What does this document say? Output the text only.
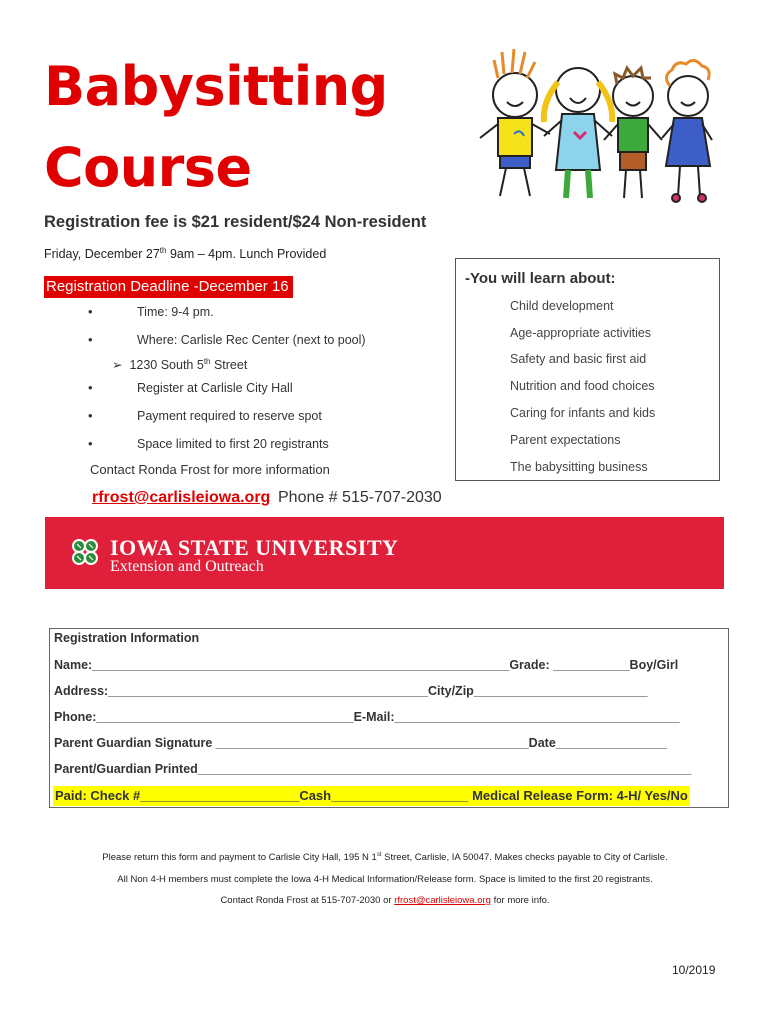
Babysitting
Course
Registration fee is $21 resident/$24 Non-resident
Friday, December 27th 9am – 4pm. Lunch Provided
Registration Deadline -December 16
•	Time: 9-4 pm.
•	Where: Carlisle Rec Center (next to pool)
➢ 1230 South 5th Street
•	Register at Carlisle City Hall
•	Payment required to reserve spot
•	Space limited to first 20 registrants
Contact Ronda Frost for more information
rfrost@carlisleiowa.org Phone # 515-707-2030
-You will learn about:
Child development
Age-appropriate activities
Safety and basic first aid
Nutrition and food choices
Caring for infants and kids
Parent expectations
The babysitting business
IOWA STATE UNIVERSITY
Extension and Outreach
Registration Information
Name:____________________________________________________________Grade: ___________Boy/Girl
Address:______________________________________________City/Zip_________________________
Phone:_____________________________________E-Mail:_________________________________________
Parent Guardian Signature _____________________________________________Date________________
Parent/Guardian Printed_______________________________________________________________________
Paid: Check #______________________Cash___________________ Medical Release Form: 4-H/ Yes/No
Please return this form and payment to Carlisle City Hall, 195 N 1st Street, Carlisle, IA 50047. Makes checks payable to City of Carlisle.
All Non 4-H members must complete the Iowa 4-H Medical Information/Release form. Space is limited to the first 20 registrants.
Contact Ronda Frost at 515-707-2030 or rfrost@carlisleiowa.org for more info.
10/2019
